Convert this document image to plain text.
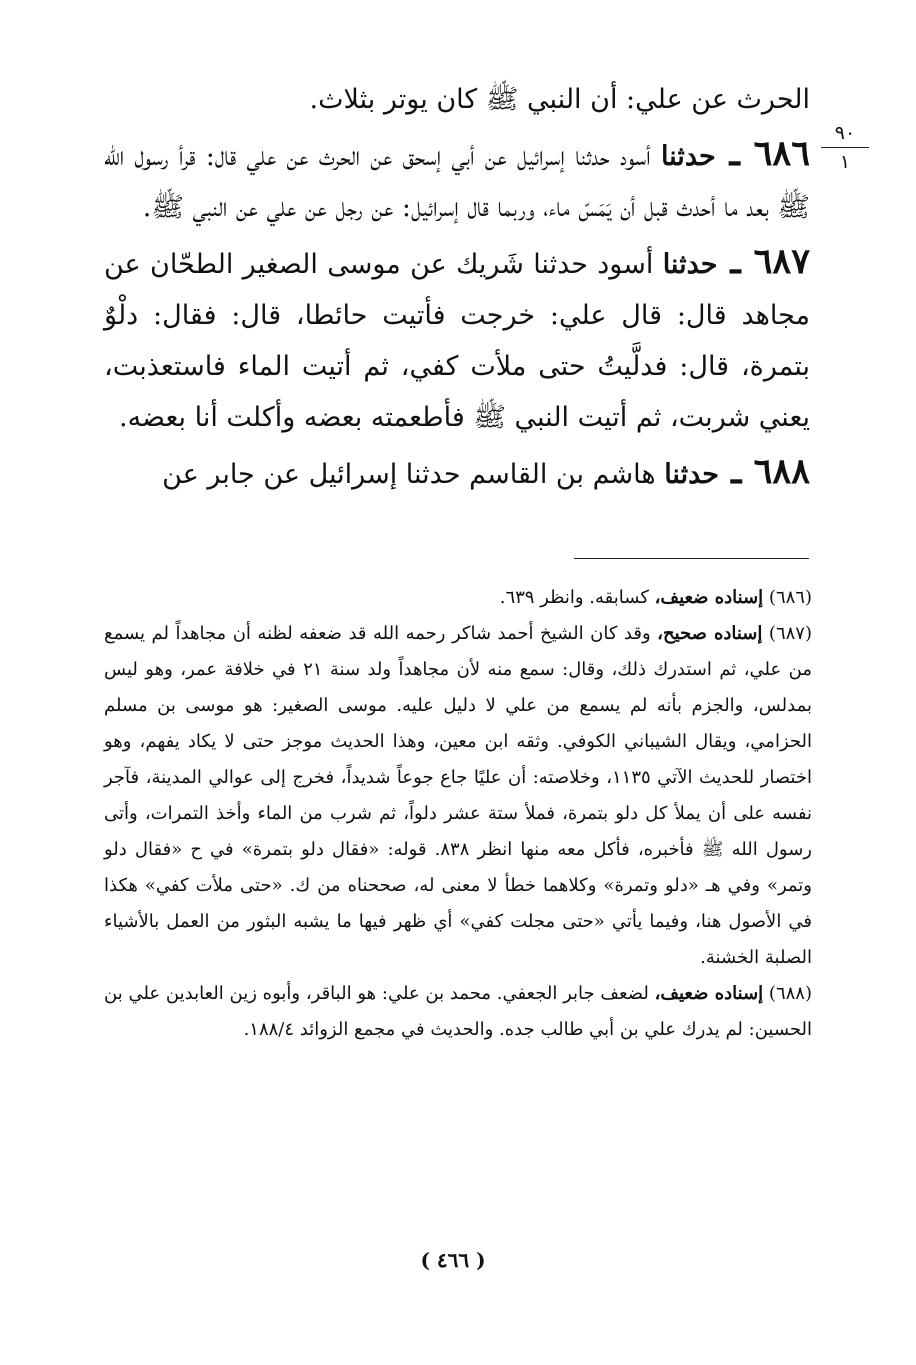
٩٠
١

الحرث عن علي: أن النبي ﷺ كان يوتر بثلاث.

٦٨٦ ـ حدثنا أسود حدثنا إسرائيل عن أبي إسحق عن الحرث عن علي قال: قرأ رسول الله ﷺ بعد ما أحدث قبل أن يَمَسّ ماء، وربما قال إسرائيل: عن رجل عن علي عن النبي ﷺ.

٦٨٧ ـ حدثنا أسود حدثنا شَريك عن موسى الصغير الطحّان عن مجاهد قال: قال علي: خرجت فأتيت حائطا، قال: فقال: دلْوٌ بتمرة، قال: فدلَّيتُ حتى ملأت كفي، ثم أتيت الماء فاستعذبت، يعني شربت، ثم أتيت النبي ﷺ فأطعمته بعضه وأكلت أنا بعضه.

٦٨٨ ـ حدثنا هاشم بن القاسم حدثنا إسرائيل عن جابر عن

(٦٨٦) إسناده ضعيف، كسابقه. وانظر ٦٣٩.

(٦٨٧) إسناده صحيح، وقد كان الشيخ أحمد شاكر رحمه الله قد ضعفه لظنه أن مجاهداً لم يسمع من علي، ثم استدرك ذلك، وقال: سمع منه لأن مجاهداً ولد سنة ٢١ في خلافة عمر، وهو ليس بمدلس، والجزم بأنه لم يسمع من علي لا دليل عليه. موسى الصغير: هو موسى بن مسلم الحزامي، ويقال الشيباني الكوفي. وثقه ابن معين، وهذا الحديث موجز حتى لا يكاد يفهم، وهو اختصار للحديث الآتي ١١٣٥، وخلاصته: أن عليًا جاع جوعاً شديداً، فخرج إلى عوالي المدينة، فآجر نفسه على أن يملأ كل دلو بتمرة، فملأ ستة عشر دلواً، ثم شرب من الماء وأخذ التمرات، وأتى رسول الله ﷺ فأخبره، فأكل معه منها انظر ٨٣٨. قوله: «فقال دلو بتمرة» في ح «فقال دلو وتمر» وفي هـ «دلو وتمرة» وكلاهما خطأ لا معنى له، صححناه من ك. «حتى ملأت كفي» هكذا في الأصول هنا، وفيما يأتي «حتى مجلت كفي» أي ظهر فيها ما يشبه البثور من العمل بالأشياء الصلبة الخشنة.

(٦٨٨) إسناده ضعيف، لضعف جابر الجعفي. محمد بن علي: هو الباقر، وأبوه زين العابدين علي بن الحسين: لم يدرك علي بن أبي طالب جده. والحديث في مجمع الزوائد ١٨٨/٤.

( ٤٦٦ )
